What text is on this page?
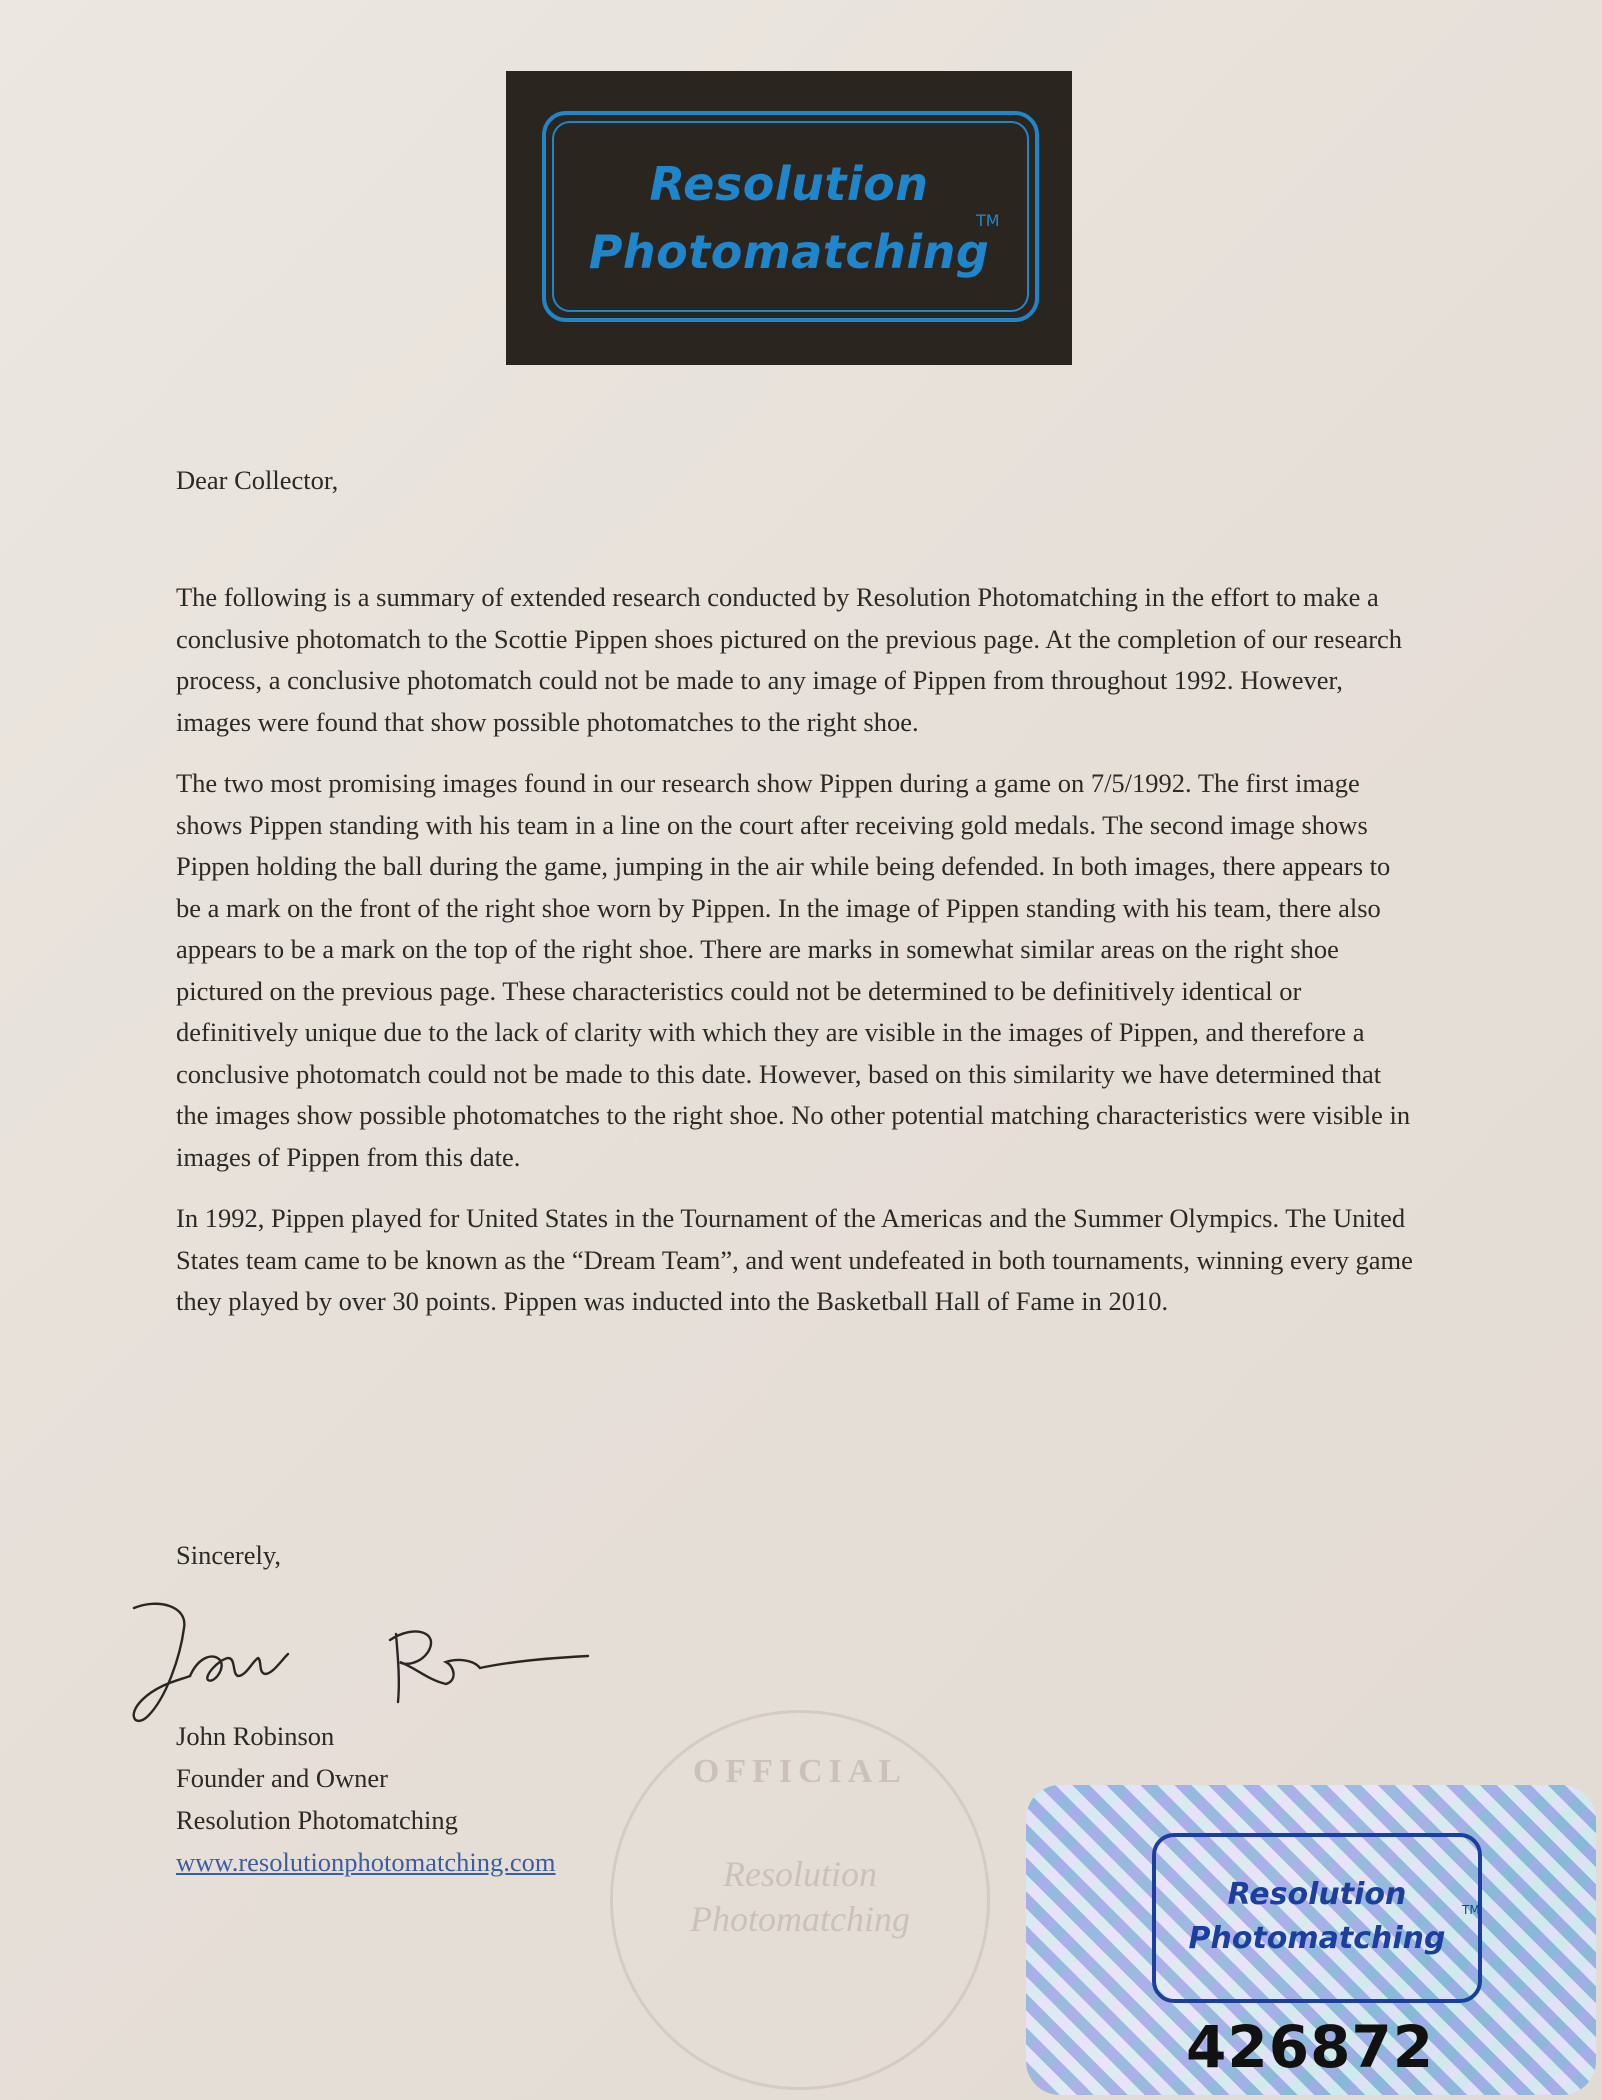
Resolution
Photomatching
TM
Dear Collector,

The following is a summary of extended research conducted by Resolution Photomatching in the effort to make a conclusive photomatch to the Scottie Pippen shoes pictured on the previous page. At the completion of our research process, a conclusive photomatch could not be made to any image of Pippen from throughout 1992. However, images were found that show possible photomatches to the right shoe.

The two most promising images found in our research show Pippen during a game on 7/5/1992. The first image shows Pippen standing with his team in a line on the court after receiving gold medals. The second image shows Pippen holding the ball during the game, jumping in the air while being defended. In both images, there appears to be a mark on the front of the right shoe worn by Pippen. In the image of Pippen standing with his team, there also appears to be a mark on the top of the right shoe. There are marks in somewhat similar areas on the right shoe pictured on the previous page. These characteristics could not be determined to be definitively identical or definitively unique due to the lack of clarity with which they are visible in the images of Pippen, and therefore a conclusive photomatch could not be made to this date. However, based on this similarity we have determined that the images show possible photomatches to the right shoe. No other potential matching characteristics were visible in images of Pippen from this date.

In 1992, Pippen played for United States in the Tournament of the Americas and the Summer Olympics. The United States team came to be known as the “Dream Team”, and went undefeated in both tournaments, winning every game they played by over 30 points. Pippen was inducted into the Basketball Hall of Fame in 2010.

Sincerely,
John Robinson
Founder and Owner
Resolution Photomatching
www.resolutionphotomatching.com
OFFICIAL
Resolution
Photomatching
Resolution
Photomatching
TM
426872
